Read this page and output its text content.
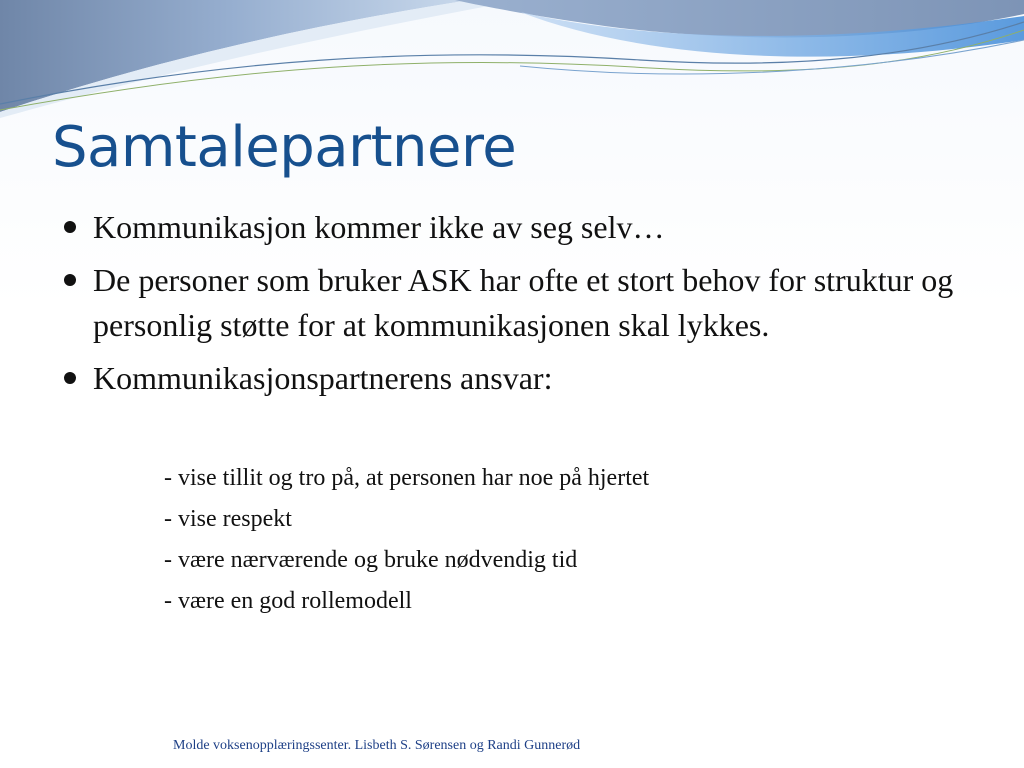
Samtalepartnere
Kommunikasjon kommer ikke av seg selv…
De personer som bruker ASK har ofte et stort behov for struktur og personlig støtte for at kommunikasjonen skal lykkes.
Kommunikasjonspartnerens ansvar:
- vise tillit og tro på, at personen har noe på hjertet
- vise respekt
- være nærværende og bruke nødvendig tid
- være en god rollemodell
Molde voksenopplæringssenter. Lisbeth S. Sørensen og Randi Gunnerød
